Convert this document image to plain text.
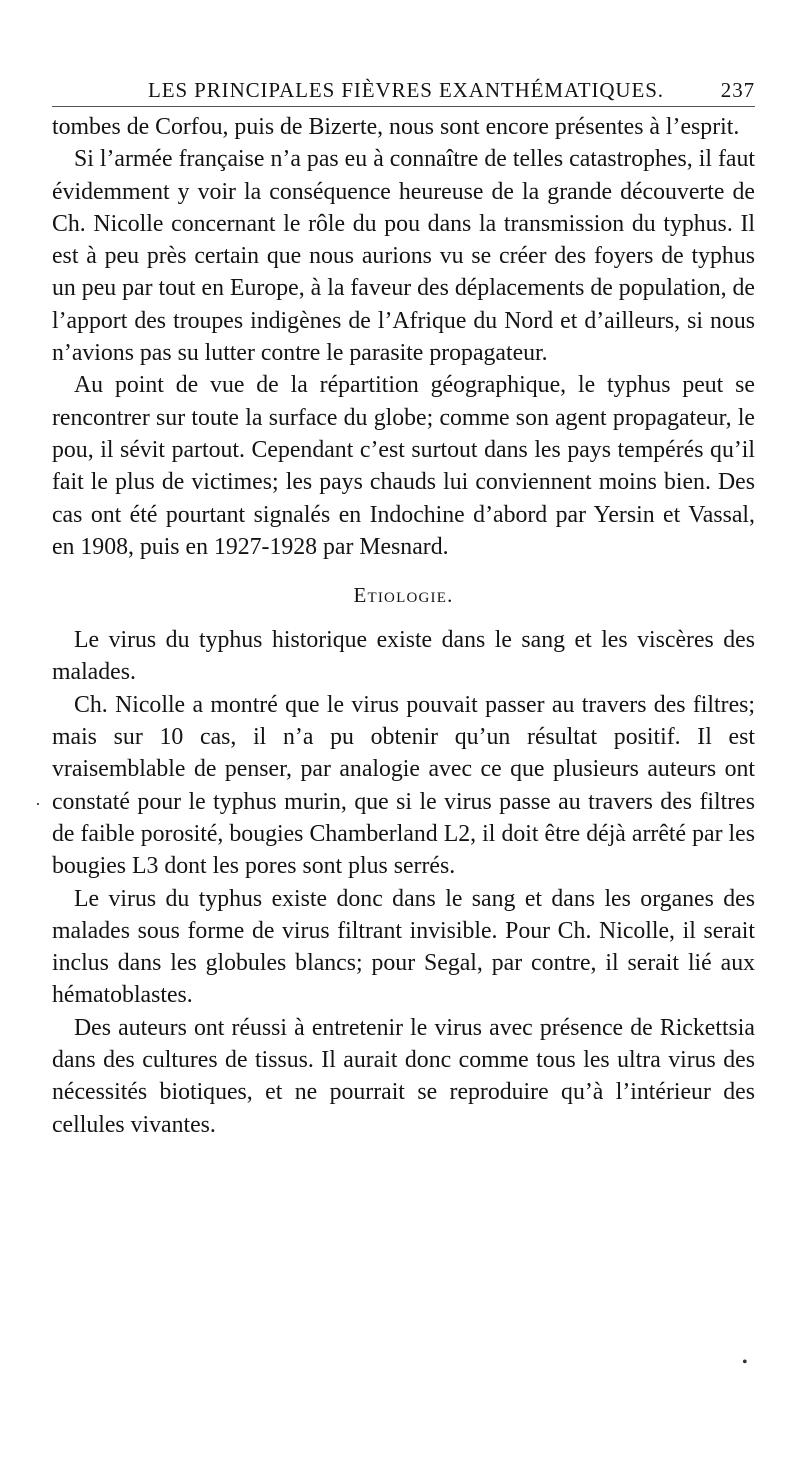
LES PRINCIPALES FIÈVRES EXANTHÉMATIQUES.	237

tombes de Corfou, puis de Bizerte, nous sont encore présentes à l’esprit.

Si l’armée française n’a pas eu à connaître de telles catastrophes, il faut évidemment y voir la conséquence heureuse de la grande découverte de Ch. Nicolle concernant le rôle du pou dans la transmission du typhus. Il est à peu près certain que nous aurions vu se créer des foyers de typhus un peu par tout en Europe, à la faveur des déplacements de population, de l’apport des troupes indigènes de l’Afrique du Nord et d’ailleurs, si nous n’avions pas su lutter contre le parasite propagateur.

Au point de vue de la répartition géographique, le typhus peut se rencontrer sur toute la surface du globe; comme son agent propagateur, le pou, il sévit partout. Cependant c’est surtout dans les pays tempérés qu’il fait le plus de victimes; les pays chauds lui conviennent moins bien. Des cas ont été pourtant signalés en Indochine d’abord par Yersin et Vassal, en 1908, puis en 1927-1928 par Mesnard.

Etiologie.

Le virus du typhus historique existe dans le sang et les viscères des malades.

Ch. Nicolle a montré que le virus pouvait passer au travers des filtres; mais sur 10 cas, il n’a pu obtenir qu’un résultat positif. Il est vraisemblable de penser, par analogie avec ce que plusieurs auteurs ont constaté pour le typhus murin, que si le virus passe au travers des filtres de faible porosité, bougies Chamberland L2, il doit être déjà arrêté par les bougies L3 dont les pores sont plus serrés.

Le virus du typhus existe donc dans le sang et dans les organes des malades sous forme de virus filtrant invisible. Pour Ch. Nicolle, il serait inclus dans les globules blancs; pour Segal, par contre, il serait lié aux hématoblastes.

Des auteurs ont réussi à entretenir le virus avec présence de Rickettsia dans des cultures de tissus. Il aurait donc comme tous les ultra virus des nécessités biotiques, et ne pourrait se reproduire qu’à l’intérieur des cellules vivantes.

·
•
